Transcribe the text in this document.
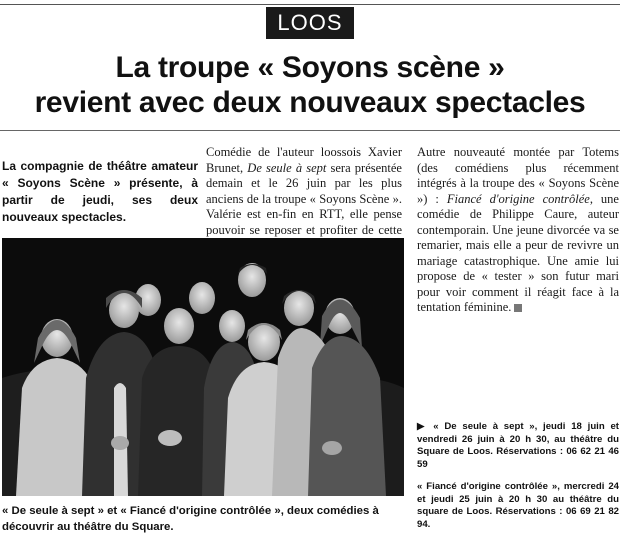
LOOS
La troupe « Soyons scène »
revient avec deux nouveaux spectacles
La compagnie de théâtre amateur « Soyons Scène » présente, à partir de jeudi, ses deux nouveaux spectacles.

Comédie de l'auteur loossois Xavier Brunet, De seule à sept sera présentée demain et le 26 juin par les plus anciens de la troupe « Soyons Scène ». Valérie est en-fin en RTT, elle pense pouvoir se reposer et profiter de cette

Autre nouveauté montée par Totems (des comédiens plus récemment intégrés à la troupe des « Soyons Scène ») : Fiancé d'origine contrôlée, une comédie de Philippe Caure, auteur contemporain. Une jeune divorcée va se remarier, mais elle a peur de revivre un mariage catastrophique. Une amie lui propose de « tester » son futur mari pour voir comment il réagit face à la tentation féminine.

▶ « De seule à sept », jeudi 18 juin et vendredi 26 juin à 20 h 30, au théâtre du Square de Loos. Réservations : 06 62 21 46 59
« Fiancé d'origine contrôlée », mercredi 24 et jeudi 25 juin à 20 h 30 au théâtre du square de Loos. Réservations : 06 69 21 82 94.
« De seule à sept » et « Fiancé d'origine contrôlée », deux comédies à découvrir au théâtre du Square.
